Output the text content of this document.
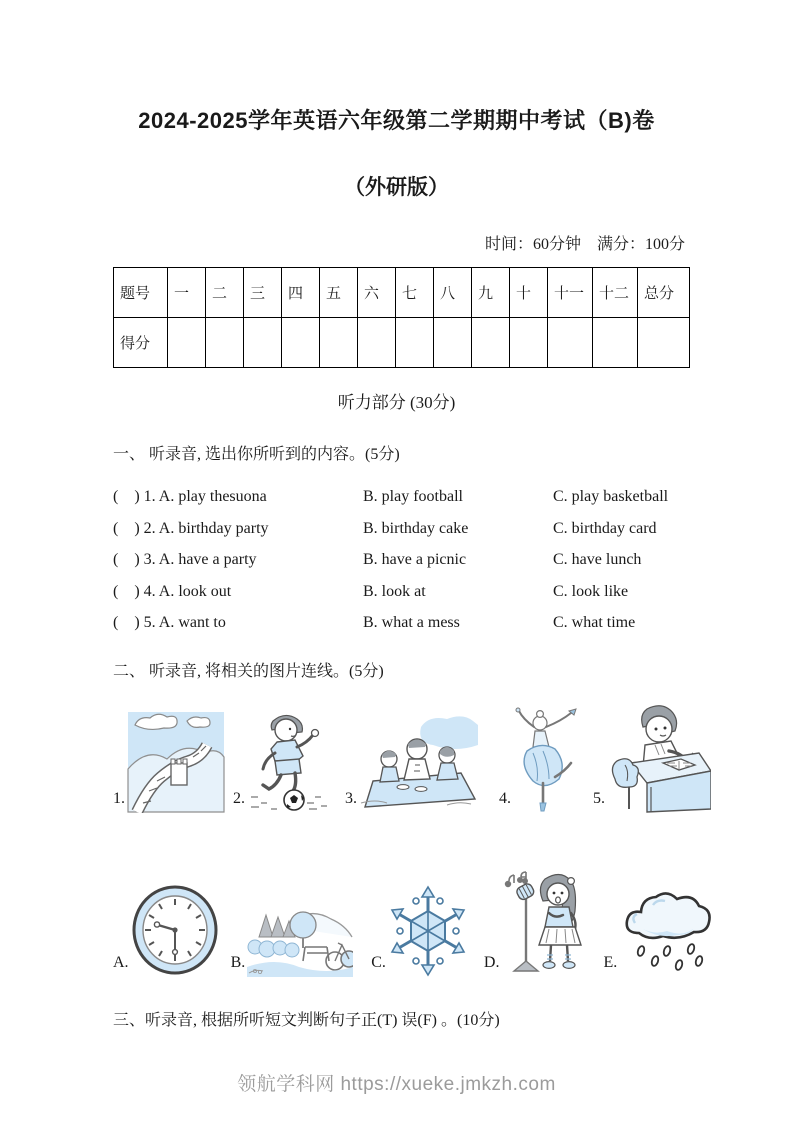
2024-2025学年英语六年级第二学期期中考试（B)卷
（外研版）
时间：60分钟　满分：100分
题号	一	二	三	四	五	六	七	八	九	十	十一	十二	总分
得分													
听力部分 (30分)
一、 听录音, 选出你所听到的内容。(5分)
(    ) 1. A. play thesuona	B. play football	C. play basketball
(    ) 2. A. birthday party	B. birthday cake	C. birthday card
(    ) 3. A. have a party	B. have a picnic	C. have lunch
(    ) 4. A. look out	B. look at	C. look like
(    ) 5. A. want to	B. what a mess	C. what time
二、 听录音, 将相关的图片连线。(5分)
1.	2.	3.	4.	5.
A.	B.	C.	D.	E.
三、听录音, 根据所听短文判断句子正(T) 误(F) 。(10分)
领航学科网 https://xueke.jmkzh.com
